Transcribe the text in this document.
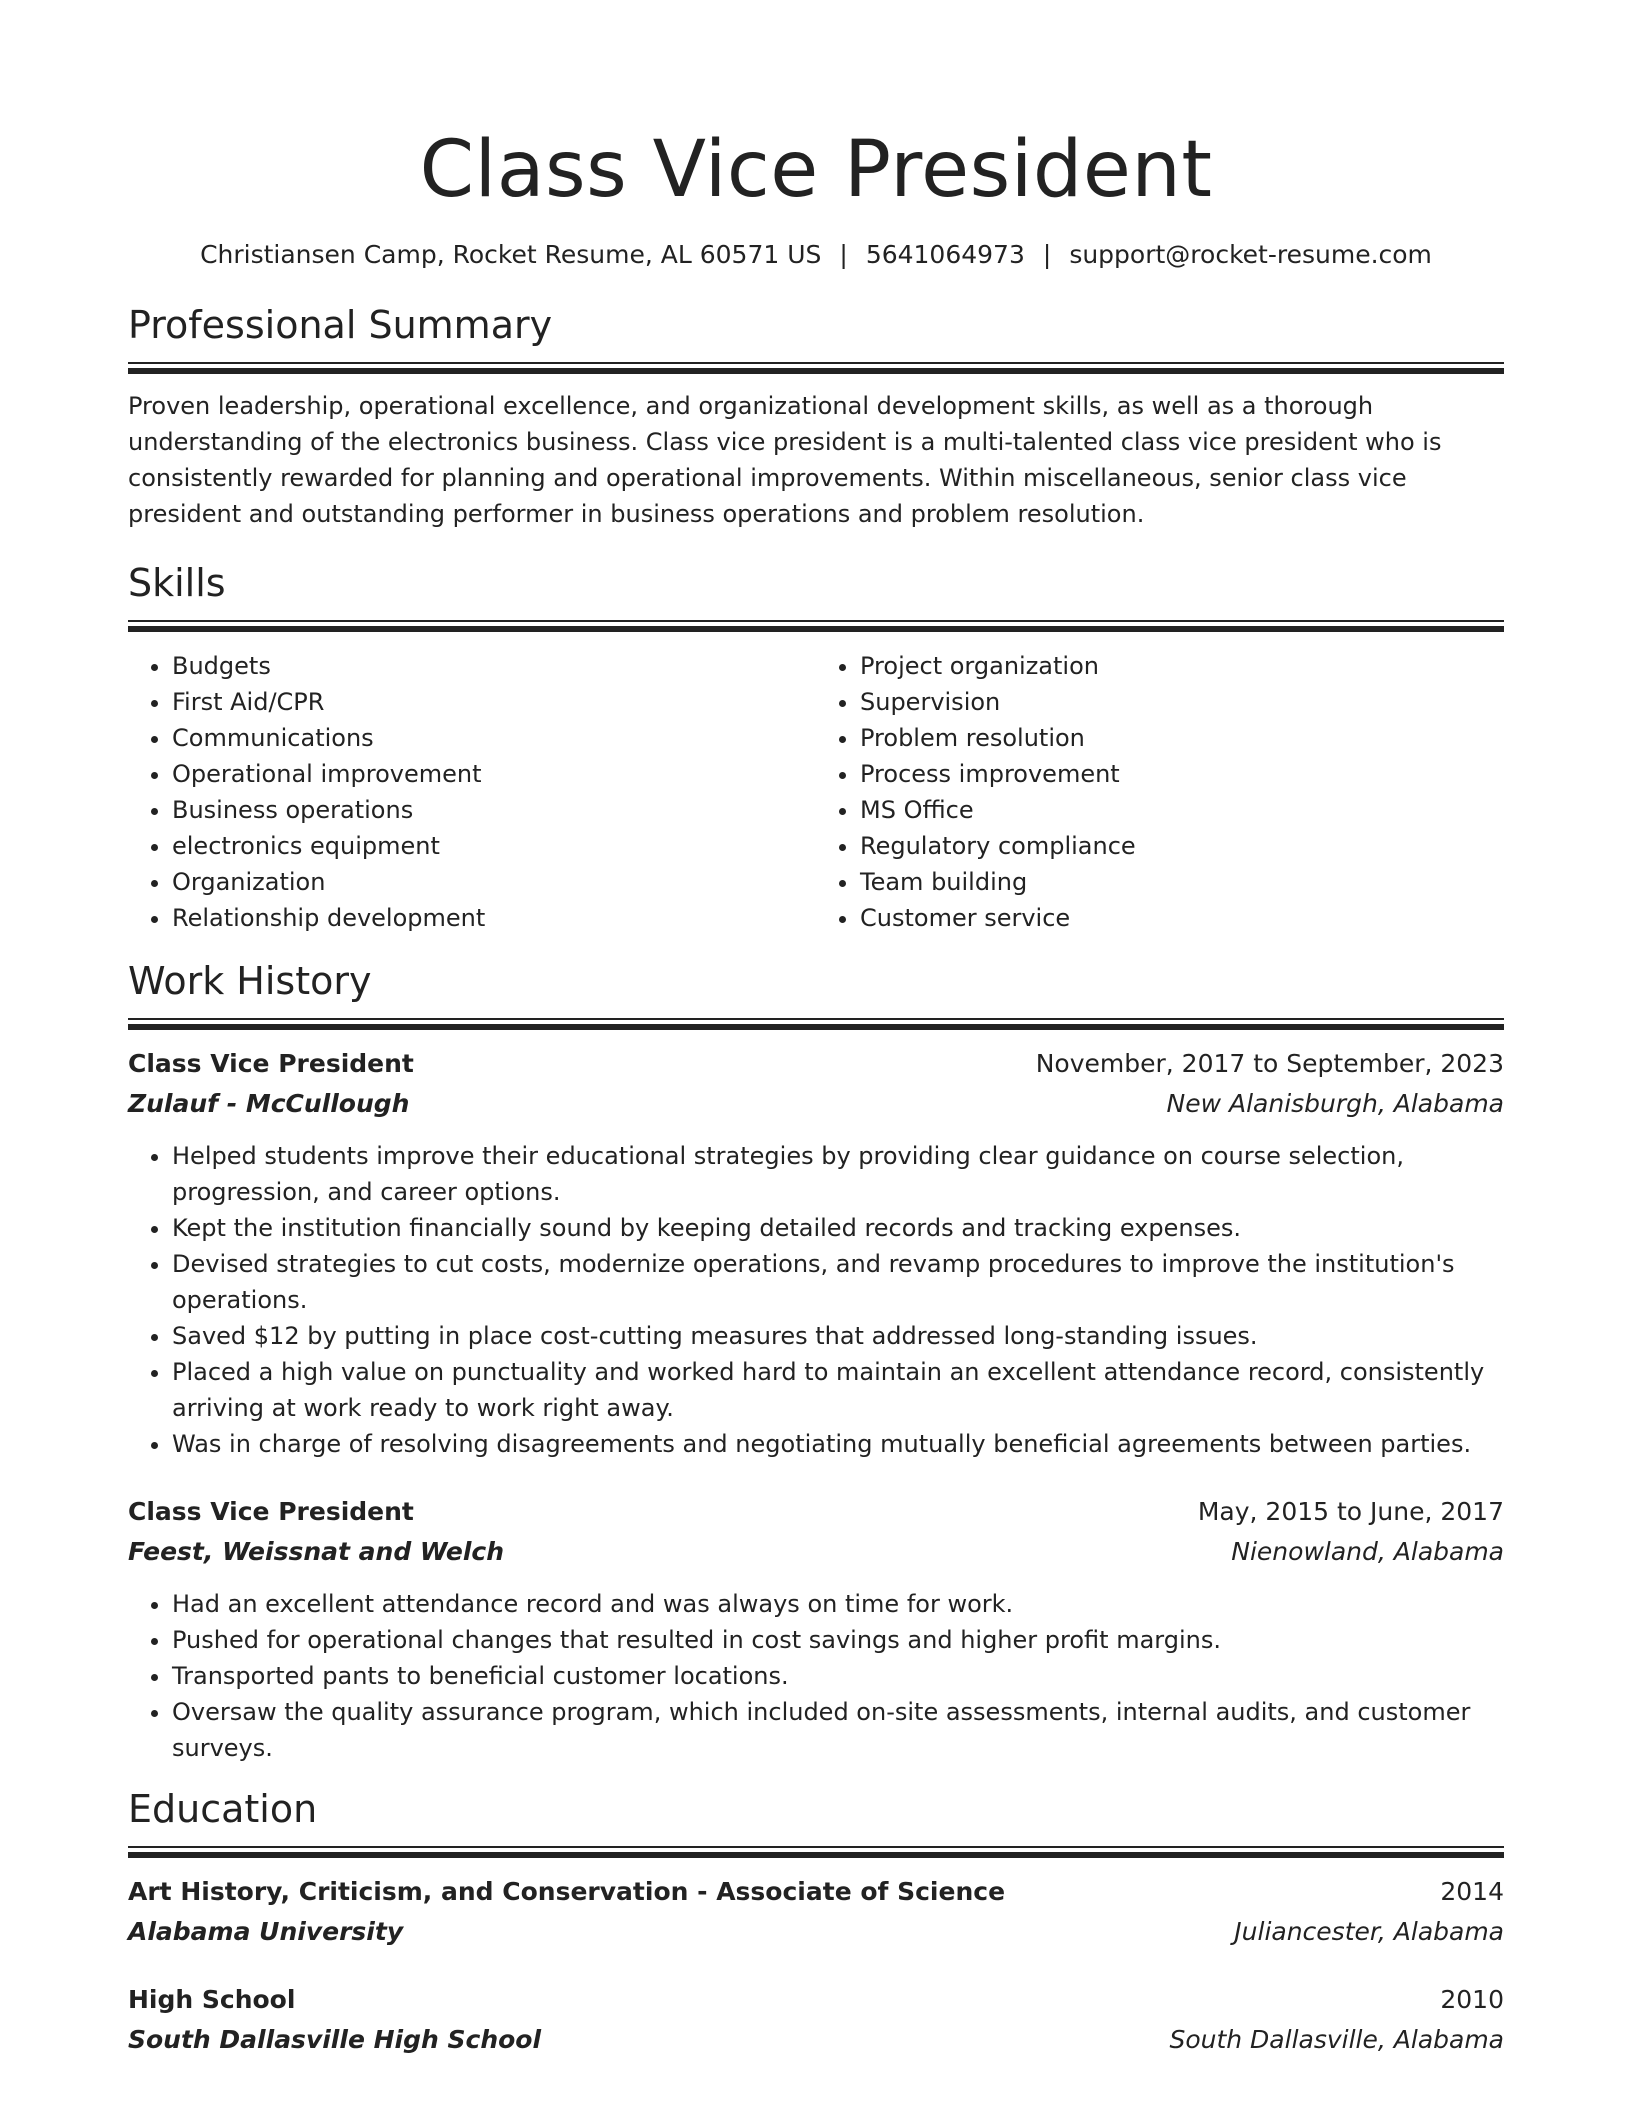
Class Vice President
Christiansen Camp, Rocket Resume, AL 60571 US | 5641064973 | support@rocket-resume.com
Professional Summary
Proven leadership, operational excellence, and organizational development skills, as well as a thorough understanding of the electronics business. Class vice president is a multi-talented class vice president who is consistently rewarded for planning and operational improvements. Within miscellaneous, senior class vice president and outstanding performer in business operations and problem resolution.
Skills
• Budgets
• First Aid/CPR
• Communications
• Operational improvement
• Business operations
• electronics equipment
• Organization
• Relationship development
• Project organization
• Supervision
• Problem resolution
• Process improvement
• MS Office
• Regulatory compliance
• Team building
• Customer service
Work History
Class Vice President	November, 2017 to September, 2023
Zulauf - McCullough	New Alanisburgh, Alabama
• Helped students improve their educational strategies by providing clear guidance on course selection, progression, and career options.
• Kept the institution financially sound by keeping detailed records and tracking expenses.
• Devised strategies to cut costs, modernize operations, and revamp procedures to improve the institution's operations.
• Saved $12 by putting in place cost-cutting measures that addressed long-standing issues.
• Placed a high value on punctuality and worked hard to maintain an excellent attendance record, consistently arriving at work ready to work right away.
• Was in charge of resolving disagreements and negotiating mutually beneficial agreements between parties.
Class Vice President	May, 2015 to June, 2017
Feest, Weissnat and Welch	Nienowland, Alabama
• Had an excellent attendance record and was always on time for work.
• Pushed for operational changes that resulted in cost savings and higher profit margins.
• Transported pants to beneficial customer locations.
• Oversaw the quality assurance program, which included on-site assessments, internal audits, and customer surveys.
Education
Art History, Criticism, and Conservation - Associate of Science	2014
Alabama University	Juliancester, Alabama
High School	2010
South Dallasville High School	South Dallasville, Alabama
